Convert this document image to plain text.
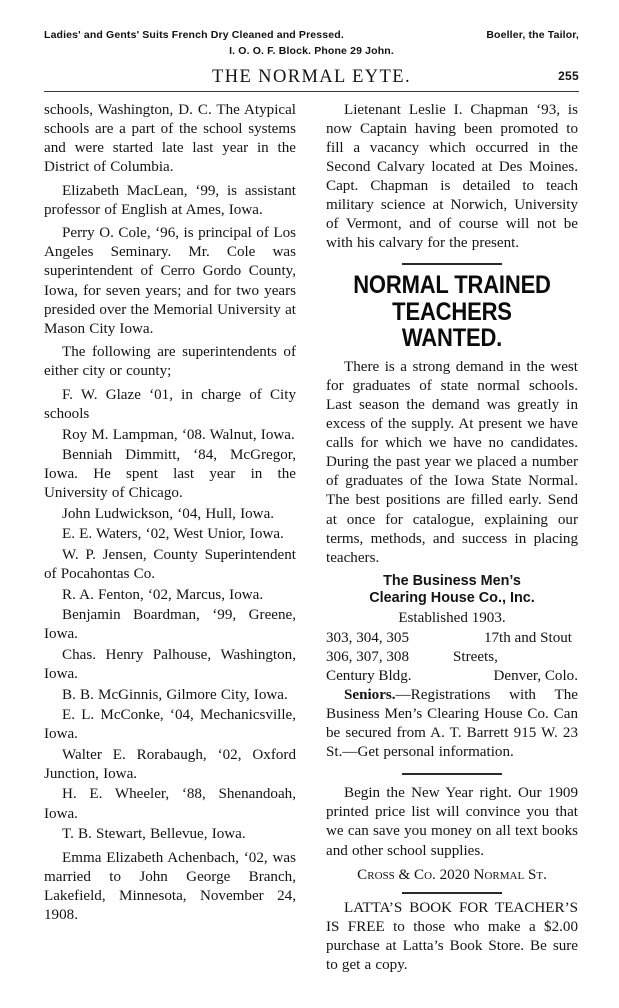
Ladies' and Gents' Suits French Dry Cleaned and Pressed.	Boeller, the Tailor,
I. O. O. F. Block. Phone 29 John.
THE NORMAL EYTE.	255

schools, Washington, D. C. The Atypical schools are a part of the school systems and were started late last year in the District of Columbia.

Elizabeth MacLean, ‘99, is assistant professor of English at Ames, Iowa.

Perry O. Cole, ‘96, is principal of Los Angeles Seminary. Mr. Cole was superintendent of Cerro Gordo County, Iowa, for seven years; and for two years presided over the Memorial University at Mason City Iowa.

The following are superintendents of either city or county;

F. W. Glaze ‘01, in charge of City schools

Roy M. Lampman, ‘08. Walnut, Iowa.

Benniah Dimmitt, ‘84, McGregor, Iowa. He spent last year in the University of Chicago.

John Ludwickson, ‘04, Hull, Iowa.

E. E. Waters, ‘02, West Unior, Iowa.

W. P. Jensen, County Superintendent of Pocahontas Co.

R. A. Fenton, ‘02, Marcus, Iowa.

Benjamin Boardman, ‘99, Greene, Iowa.

Chas. Henry Palhouse, Washington, Iowa.

B. B. McGinnis, Gilmore City, Iowa.

E. L. McConke, ‘04, Mechanicsville, Iowa.

Walter E. Rorabaugh, ‘02, Oxford Junction, Iowa.

H. E. Wheeler, ‘88, Shenandoah, Iowa.

T. B. Stewart, Bellevue, Iowa.

Emma Elizabeth Achenbach, ‘02, was married to John George Branch, Lakefield, Minnesota, November 24, 1908.

Lietenant Leslie I. Chapman ‘93, is now Captain having been promoted to fill a vacancy which occurred in the Second Calvary located at Des Moines. Capt. Chapman is detailed to teach military science at Norwich, University of Vermont, and of course will not be with his calvary for the present.

NORMAL TRAINED TEACHERS
WANTED.

There is a strong demand in the west for graduates of state normal schools. Last season the demand was greatly in excess of the supply. At present we have calls for which we have no candidates. During the past year we placed a number of graduates of the Iowa State Normal. The best positions are filled early. Send at once for catalogue, explaining our terms, methods, and success in placing teachers.

The Business Men’s
Clearing House Co., Inc.

Established 1903.

303, 304, 305	17th and Stout
306, 307, 308	Streets,
Century Bldg.	Denver, Colo.

Seniors.—Registrations with The Business Men’s Clearing House Co. Can be secured from A. T. Barrett 915 W. 23 St.—Get personal information.

Begin the New Year right. Our 1909 printed price list will convince you that we can save you money on all text books and other school supplies.

Cross & Co. 2020 Normal St.

LATTA’S BOOK FOR TEACHER’S IS FREE to those who make a $2.00 purchase at Latta’s Book Store. Be sure to get a copy.
